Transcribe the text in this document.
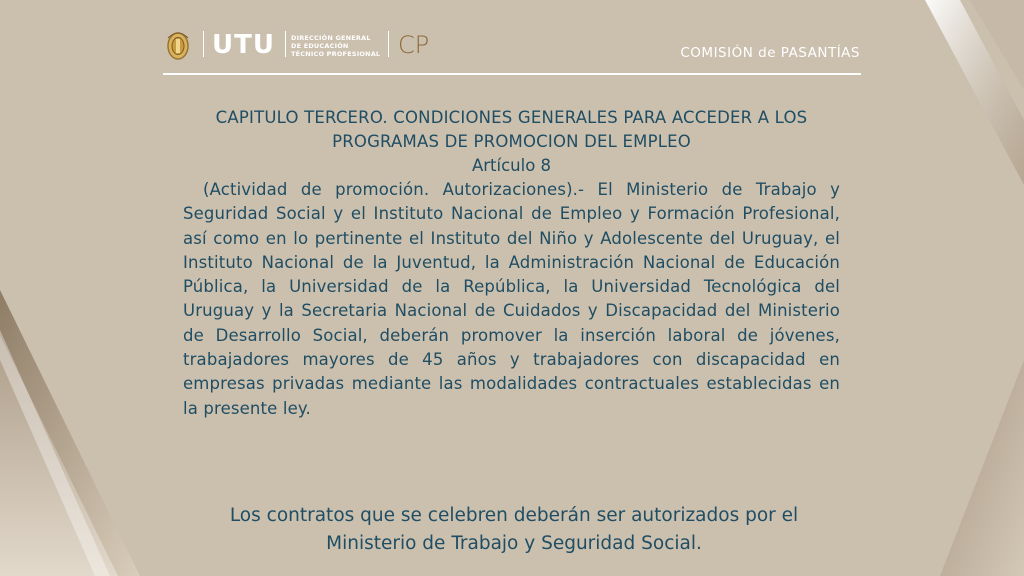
UTU DIRECCIÓN GENERAL
DE EDUCACIÓN
TÉCNICO PROFESIONAL CP	COMISIÓN de PASANTÍAS

CAPITULO TERCERO. CONDICIONES GENERALES PARA ACCEDER A LOS PROGRAMAS DE PROMOCION DEL EMPLEO

Artículo 8

(Actividad de promoción. Autorizaciones).- El Ministerio de Trabajo y Seguridad Social y el Instituto Nacional de Empleo y Formación Profesional, así como en lo pertinente el Instituto del Niño y Adolescente del Uruguay, el Instituto Nacional de la Juventud, la Administración Nacional de Educación Pública, la Universidad de la República, la Universidad Tecnológica del Uruguay y la Secretaria Nacional de Cuidados y Discapacidad del Ministerio de Desarrollo Social, deberán promover la inserción laboral de jóvenes, trabajadores mayores de 45 años y trabajadores con discapacidad en empresas privadas mediante las modalidades contractuales establecidas en la presente ley.

Los contratos que se celebren deberán ser autorizados por el Ministerio de Trabajo y Seguridad Social.
